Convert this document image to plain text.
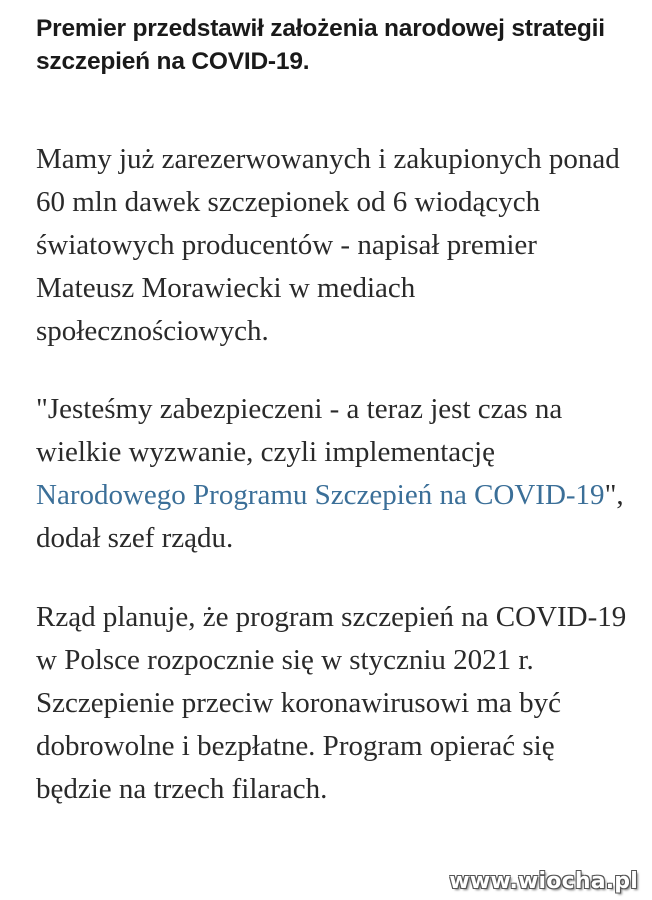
Premier przedstawił założenia narodowej strategii szczepień na COVID-19.

Mamy już zarezerwowanych i zakupionych ponad 60 mln dawek szczepionek od 6 wiodących światowych producentów - napisał premier Mateusz Morawiecki w mediach społecznościowych.

"Jesteśmy zabezpieczeni - a teraz jest czas na wielkie wyzwanie, czyli implementację Narodowego Programu Szczepień na COVID-19", dodał szef rządu.

Rząd planuje, że program szczepień na COVID-19 w Polsce rozpocznie się w styczniu 2021 r. Szczepienie przeciw koronawirusowi ma być dobrowolne i bezpłatne. Program opierać się będzie na trzech filarach.

www.wiocha.pl
